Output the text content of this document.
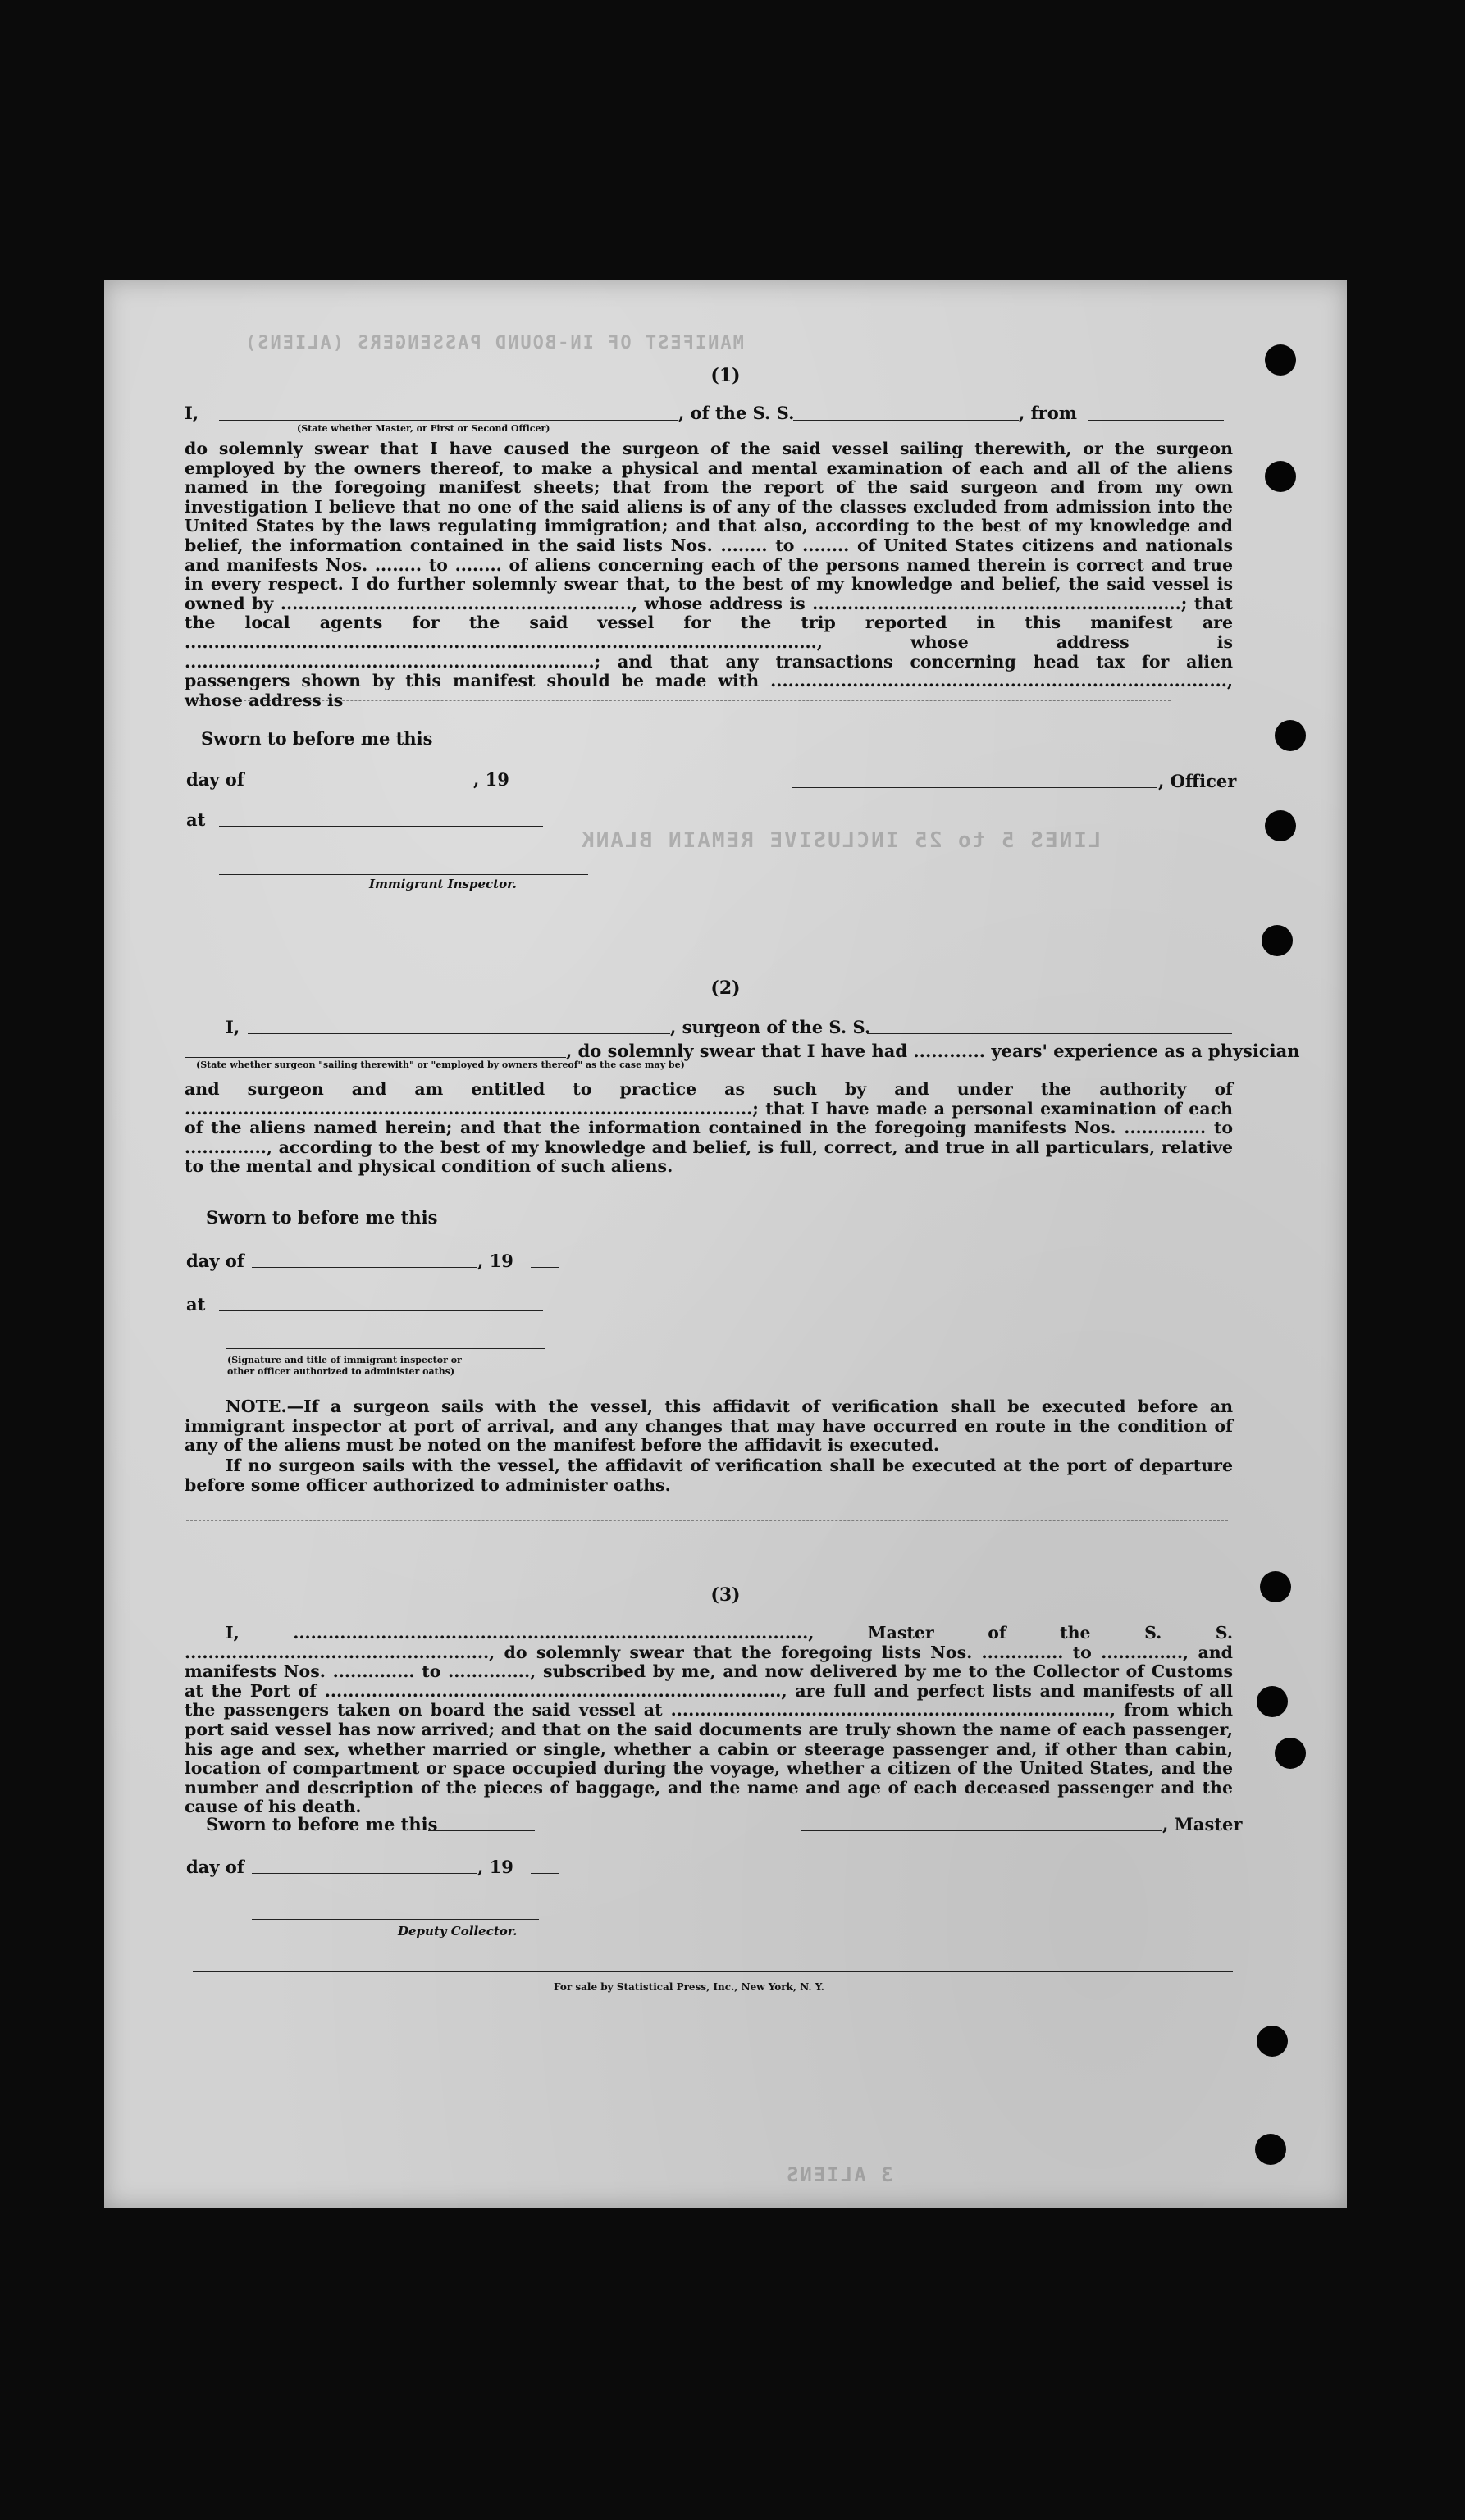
MANIFEST OF IN-BOUND PASSENGERS (ALIENS)
LINES 5 to 25 INCLUSIVE REMAIN BLANK
3 ALIENS
(1)
I,
(State whether Master, or First or Second Officer)
, of the S. S.	, from
do solemnly swear that I have caused the surgeon of the said vessel sailing therewith, or the surgeon employed by the owners thereof, to make a physical and mental examination of each and all of the aliens named in the foregoing manifest sheets; that from the report of the said surgeon and from my own investigation I believe that no one of the said aliens is of any of the classes excluded from admission into the United States by the laws regulating immigration; and that also, according to the best of my knowledge and belief, the information contained in the said lists Nos. ........ to ........ of United States citizens and nationals and manifests Nos. ........ to ........ of aliens concerning each of the persons named therein is correct and true in every respect. I do further solemnly swear that, to the best of my knowledge and belief, the said vessel is owned by ............................................................, whose address is ...............................................................; that the local agents for the said vessel for the trip reported in this manifest are ............................................................................................................, whose address is ......................................................................; and that any transactions concerning head tax for alien passengers shown by this manifest should be made with .............................................................................., whose address is
Sworn to before me this
day of	, 19
at
, Officer
Immigrant Inspector.
(2)
I,	, surgeon of the S. S.
, do solemnly swear that I have had ............ years' experience as a physician
(State whether surgeon "sailing therewith" or "employed by owners thereof" as the case may be)
and surgeon and am entitled to practice as such by and under the authority of .................................................................................................; that I have made a personal examination of each of the aliens named herein; and that the information contained in the foregoing manifests Nos. .............. to .............., according to the best of my knowledge and belief, is full, correct, and true in all particulars, relative to the mental and physical condition of such aliens.
Sworn to before me this
day of	, 19
at
(Signature and title of immigrant inspector or
other officer authorized to administer oaths)
NOTE.—If a surgeon sails with the vessel, this affidavit of verification shall be executed before an immigrant inspector at port of arrival, and any changes that may have occurred en route in the condition of any of the aliens must be noted on the manifest before the affidavit is executed.
If no surgeon sails with the vessel, the affidavit of verification shall be executed at the port of departure before some officer authorized to administer oaths.
(3)
I, ........................................................................................, Master of the S. S. ...................................................., do solemnly swear that the foregoing lists Nos. .............. to .............., and manifests Nos. .............. to .............., subscribed by me, and now delivered by me to the Collector of Customs at the Port of .............................................................................., are full and perfect lists and manifests of all the passengers taken on board the said vessel at ..........................................................................., from which port said vessel has now arrived; and that on the said documents are truly shown the name of each passenger, his age and sex, whether married or single, whether a cabin or steerage passenger and, if other than cabin, location of compartment or space occupied during the voyage, whether a citizen of the United States, and the number and description of the pieces of baggage, and the name and age of each deceased passenger and the cause of his death.
Sworn to before me this	, Master
day of	, 19
Deputy Collector.
For sale by Statistical Press, Inc., New York, N. Y.
